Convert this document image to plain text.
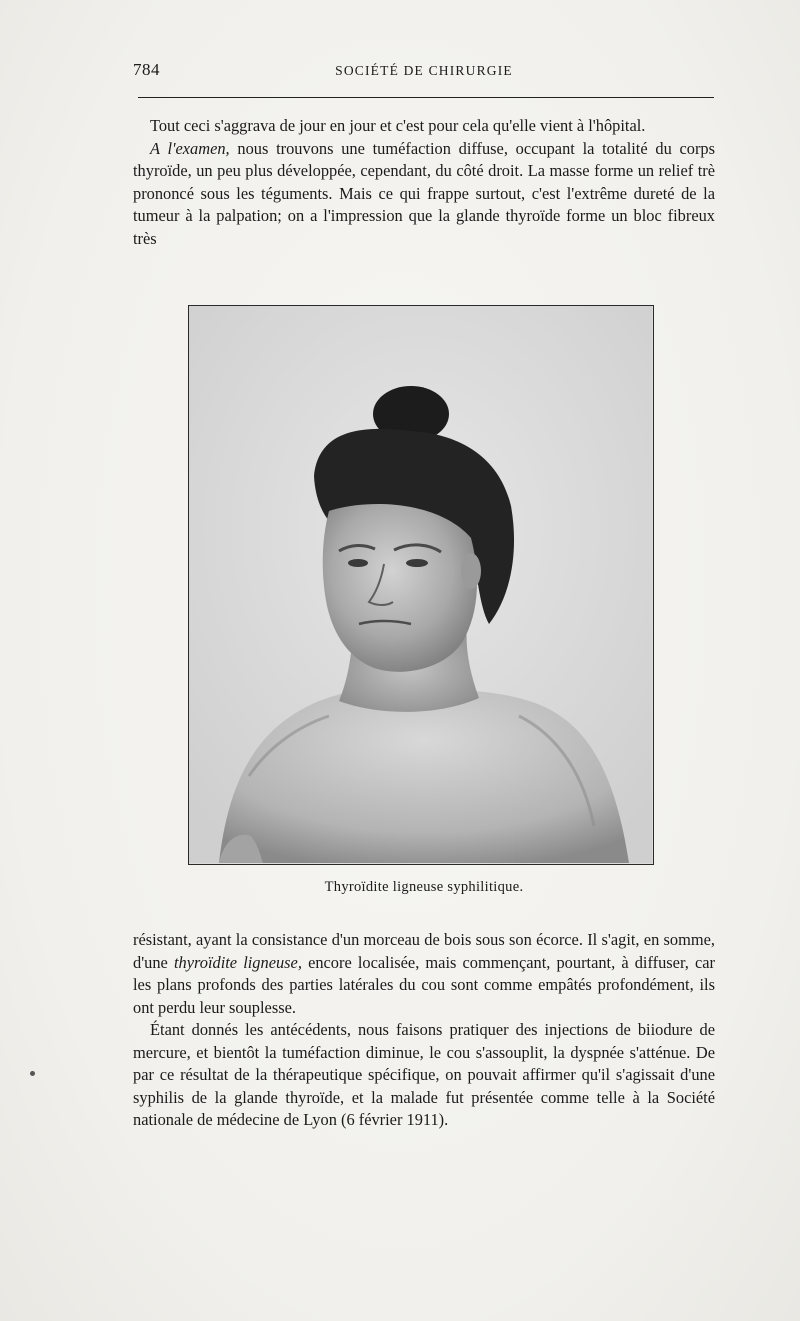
784	SOCIÉTÉ DE CHIRURGIE

Tout ceci s'aggrava de jour en jour et c'est pour cela qu'elle vient à l'hôpital.

A l'examen, nous trouvons une tuméfaction diffuse, occupant la totalité du corps thyroïde, un peu plus développée, cependant, du côté droit. La masse forme un relief trè prononcé sous les téguments. Mais ce qui frappe surtout, c'est l'extrême dureté de la tumeur à la palpation; on a l'impression que la glande thyroïde forme un bloc fibreux très

Thyroïdite ligneuse syphilitique.

résistant, ayant la consistance d'un morceau de bois sous son écorce. Il s'agit, en somme, d'une thyroïdite ligneuse, encore localisée, mais commençant, pourtant, à diffuser, car les plans profonds des parties latérales du cou sont comme empâtés profondément, ils ont perdu leur souplesse.

Étant donnés les antécédents, nous faisons pratiquer des injections de biiodure de mercure, et bientôt la tuméfaction diminue, le cou s'assouplit, la dyspnée s'atténue. De par ce résultat de la thérapeutique spécifique, on pouvait affirmer qu'il s'agissait d'une syphilis de la glande thyroïde, et la malade fut présentée comme telle à la Société nationale de médecine de Lyon (6 février 1911).
